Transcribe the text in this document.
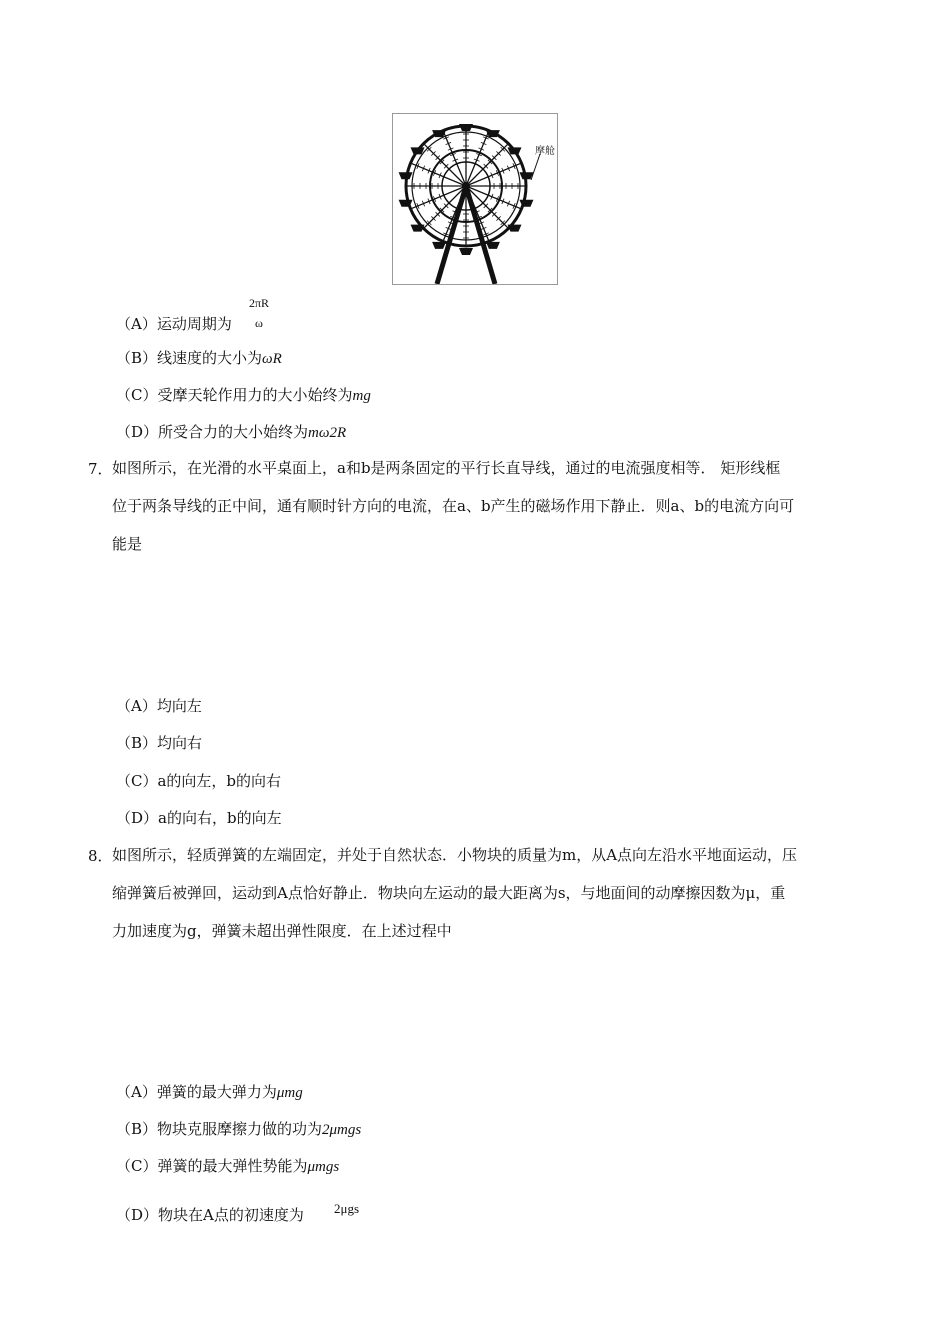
摩舱
（A）运动周期为
2πR
ω
（B）线速度的大小为ωR
（C）受摩天轮作用力的大小始终为mg
（D）所受合力的大小始终为mω2R
7． 如图所示，在光滑的水平桌面上，a和b是两条固定的平行长直导线，通过的电流强度相等． 矩形线框
位于两条导线的正中间，通有顺时针方向的电流，在a、b产生的磁场作用下静止．则a、b的电流方向可
能是
（A）均向左
（B）均向右
（C）a的向左，b的向右
（D）a的向右，b的向左
8． 如图所示，轻质弹簧的左端固定，并处于自然状态．小物块的质量为m，从A点向左沿水平地面运动，压
缩弹簧后被弹回，运动到A点恰好静止．物块向左运动的最大距离为s，与地面间的动摩擦因数为μ，重
力加速度为g，弹簧未超出弹性限度．在上述过程中
（A）弹簧的最大弹力为μmg
（B）物块克服摩擦力做的功为2μmgs
（C）弹簧的最大弹性势能为μmgs
（D）物块在A点的初速度为 2μgs
